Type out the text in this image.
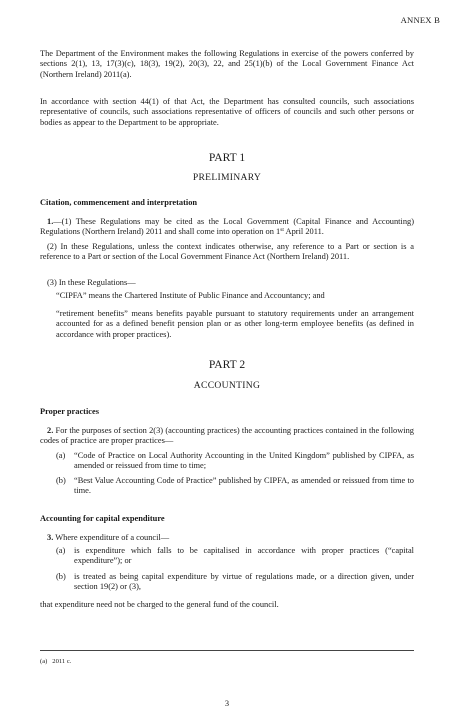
ANNEX B

The Department of the Environment makes the following Regulations in exercise of the powers conferred by sections 2(1), 13, 17(3)(c), 18(3), 19(2), 20(3), 22, and 25(1)(b) of the Local Government Finance Act (Northern Ireland) 2011(a).

In accordance with section 44(1) of that Act, the Department has consulted councils, such associations representative of councils, such associations representative of officers of councils and such other persons or bodies as appear to the Department to be appropriate.

PART 1
PRELIMINARY
Citation, commencement and interpretation

1.—(1) These Regulations may be cited as the Local Government (Capital Finance and Accounting) Regulations (Northern Ireland) 2011 and shall come into operation on 1st April 2011.

(2) In these Regulations, unless the context indicates otherwise, any reference to a Part or section is a reference to a Part or section of the Local Government Finance Act (Northern Ireland) 2011.

(3) In these Regulations—

“CIPFA” means the Chartered Institute of Public Finance and Accountancy; and

“retirement benefits” means benefits payable pursuant to statutory requirements under an arrangement accounted for as a defined benefit pension plan or as other long-term employee benefits (as defined in accordance with proper practices).

PART 2
ACCOUNTING
Proper practices

2. For the purposes of section 2(3) (accounting practices) the accounting practices contained in the following codes of practice are proper practices—

(a)	“Code of Practice on Local Authority Accounting in the United Kingdom” published by CIPFA, as amended or reissued from time to time;
(b) “Best Value Accounting Code of Practice” published by CIPFA, as amended or reissued from time to time.
Accounting for capital expenditure

3. Where expenditure of a council—

(a)	is expenditure which falls to be capitalised in accordance with proper practices (“capital expenditure”); or
(b) is treated as being capital expenditure by virtue of regulations made, or a direction given, under section 19(2) or (3),

that expenditure need not be charged to the general fund of the council.

(a) 2011 c.
3
